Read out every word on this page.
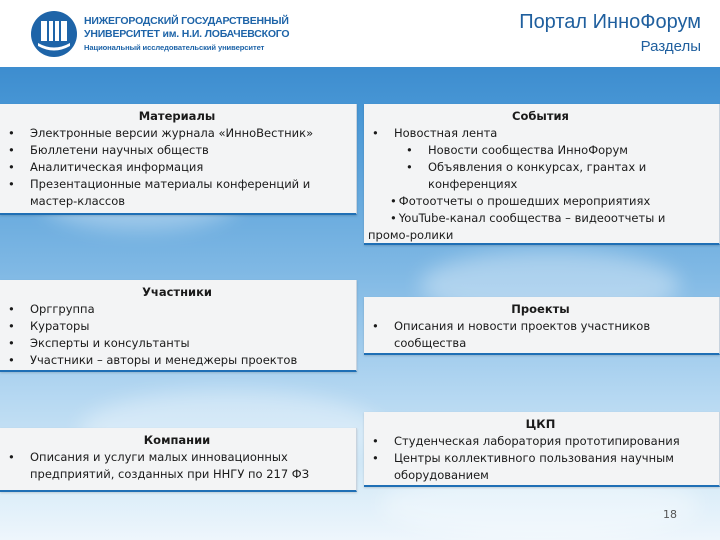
НИЖЕГОРОДСКИЙ ГОСУДАРСТВЕННЫЙ
УНИВЕРСИТЕТ им. Н.И. ЛОБАЧЕВСКОГО
Национальный исследовательский университет
Портал ИнноФорум
Разделы
Материалы
• Электронные версии журнала «ИнноВестник»
• Бюллетени научных обществ
• Аналитическая информация
• Презентационные материалы конференций и мастер-классов
События
• Новостная лента
• Новости сообщества ИнноФорум
• Объявления о конкурсах, грантах и конференциях
• Фотоотчеты о прошедших мероприятиях
• YouTube-канал сообщества – видеоотчеты и
промо-ролики
Участники
• Орггруппа
• Кураторы
• Эксперты и консультанты
• Участники – авторы и менеджеры проектов
Проекты
• Описания и новости проектов участников сообщества
Компании
• Описания и услуги малых инновационных предприятий, созданных при ННГУ по 217 ФЗ
ЦКП
• Студенческая лаборатория прототипирования
• Центры коллективного пользования научным оборудованием
18
